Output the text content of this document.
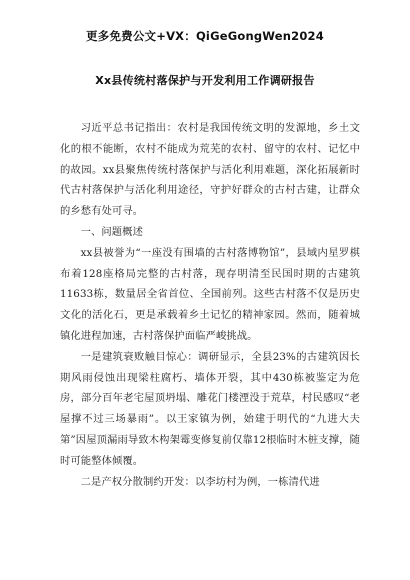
更多免费公文+VX：QiGeGongWen2024
Xx县传统村落保护与开发利用工作调研报告

习近平总书记指出：农村是我国传统文明的发源地，乡土文化的根不能断，农村不能成为荒芜的农村、留守的农村、记忆中的故园。xx县聚焦传统村落保护与活化利用难题，深化拓展新时代古村落保护与活化利用途径，守护好群众的古村古建，让群众的乡愁有处可寻。

一、问题概述

xx县被誉为“一座没有围墙的古村落博物馆”，县域内星罗棋布着128座格局完整的古村落，现存明清至民国时期的古建筑11633栋，数量居全省首位、全国前列。这些古村落不仅是历史文化的活化石，更是承载着乡土记忆的精神家园。然而，随着城镇化进程加速，古村落保护面临严峻挑战。

一是建筑衰败触目惊心：调研显示，全县23%的古建筑因长期风雨侵蚀出现梁柱腐朽、墙体开裂，其中430栋被鉴定为危房，部分百年老宅屋顶坍塌、雕花门楼湮没于荒草，村民感叹“老屋撑不过三场暴雨”。以王家镇为例，始建于明代的“九进大夫第”因屋顶漏雨导致木构架霉变修复前仅靠12根临时木桩支撑，随时可能整体倾覆。

二是产权分散制约开发：以李坊村为例，一栋清代进
